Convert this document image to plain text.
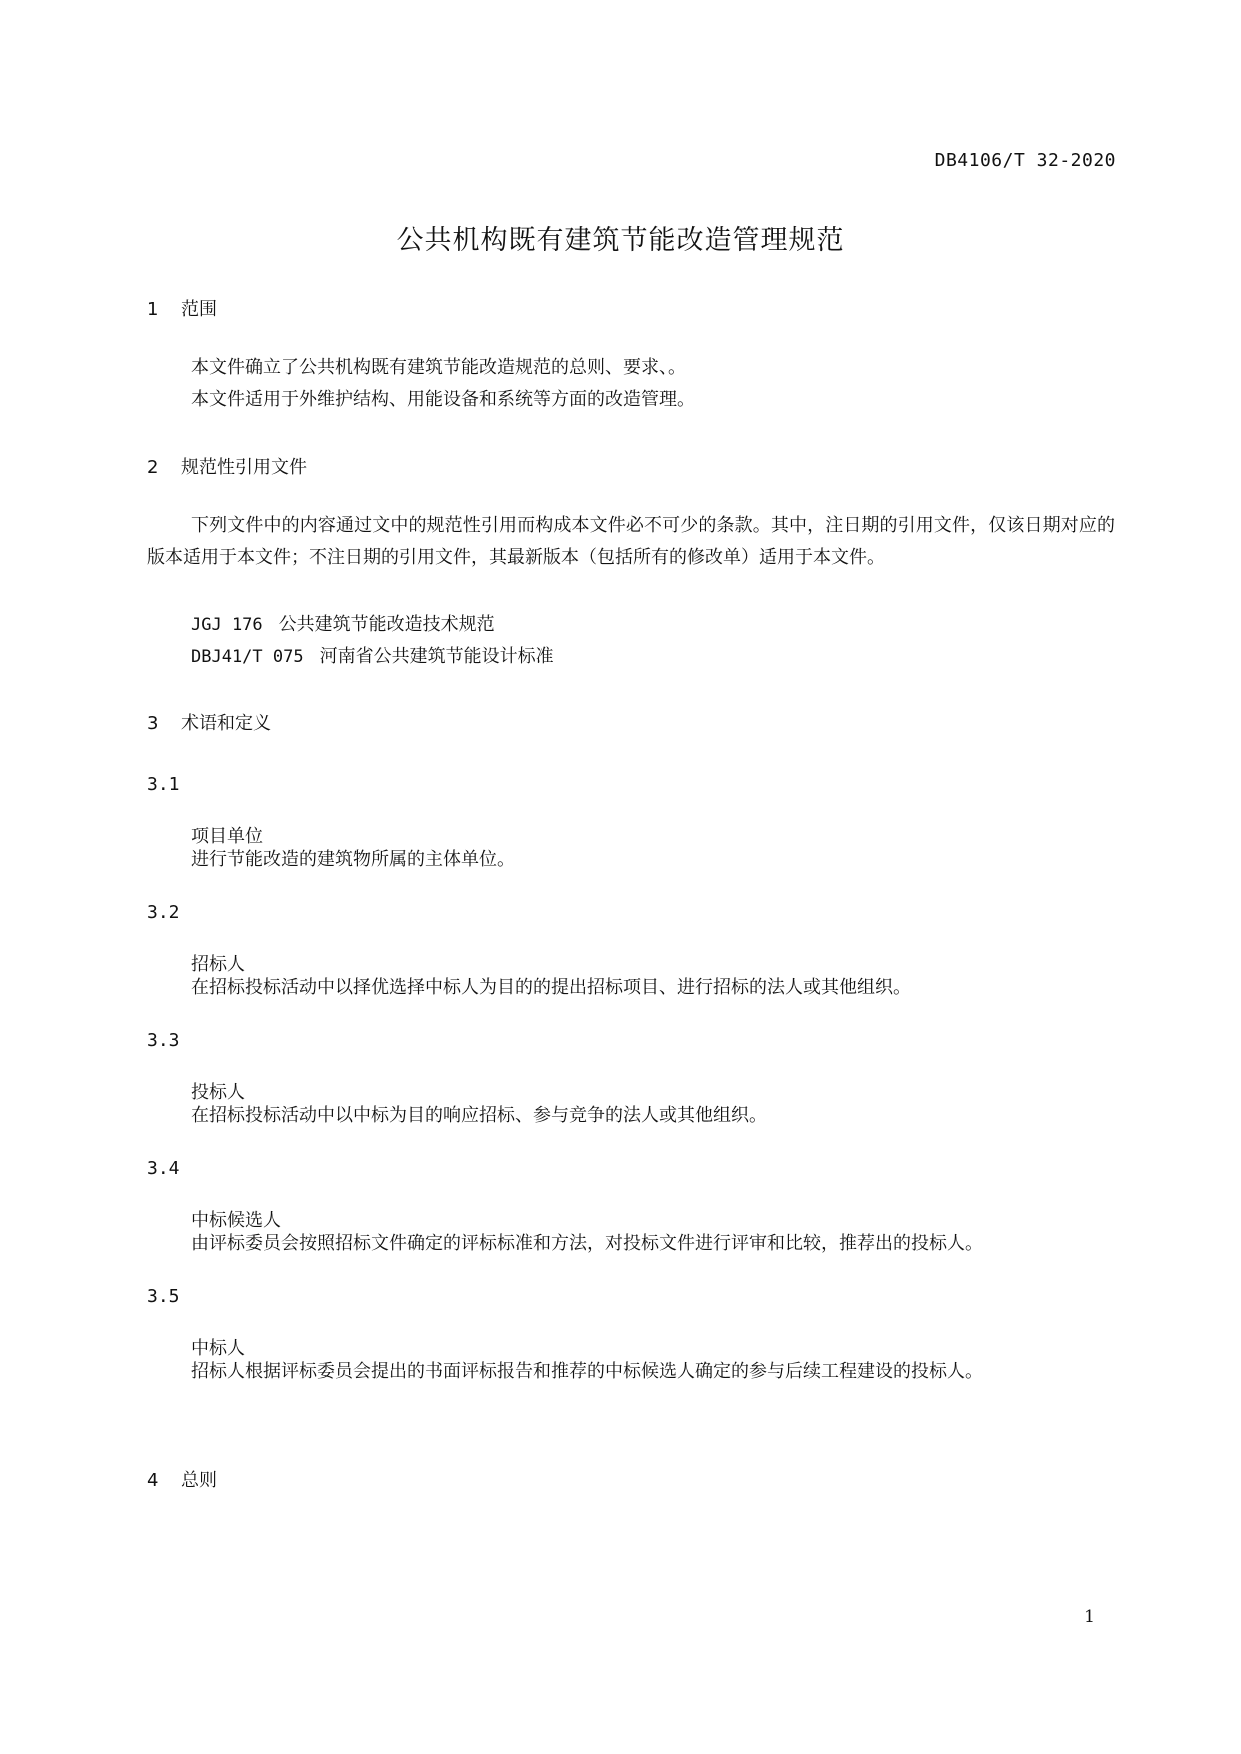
DB4106/T 32-2020
公共机构既有建筑节能改造管理规范
1 范围
本文件确立了公共机构既有建筑节能改造规范的总则、要求、。
本文件适用于外维护结构、用能设备和系统等方面的改造管理。
2 规范性引用文件
下列文件中的内容通过文中的规范性引用而构成本文件必不可少的条款。其中，注日期的引用文件，仅该日期对应的版本适用于本文件；不注日期的引用文件，其最新版本（包括所有的修改单）适用于本文件。
JGJ 176 公共建筑节能改造技术规范
DBJ41/T 075 河南省公共建筑节能设计标准
3 术语和定义
3.1
项目单位
进行节能改造的建筑物所属的主体单位。
3.2
招标人
在招标投标活动中以择优选择中标人为目的的提出招标项目、进行招标的法人或其他组织。
3.3
投标人
在招标投标活动中以中标为目的响应招标、参与竞争的法人或其他组织。
3.4
中标候选人
由评标委员会按照招标文件确定的评标标准和方法，对投标文件进行评审和比较，推荐出的投标人。
3.5
中标人
招标人根据评标委员会提出的书面评标报告和推荐的中标候选人确定的参与后续工程建设的投标人。
4 总则
1
